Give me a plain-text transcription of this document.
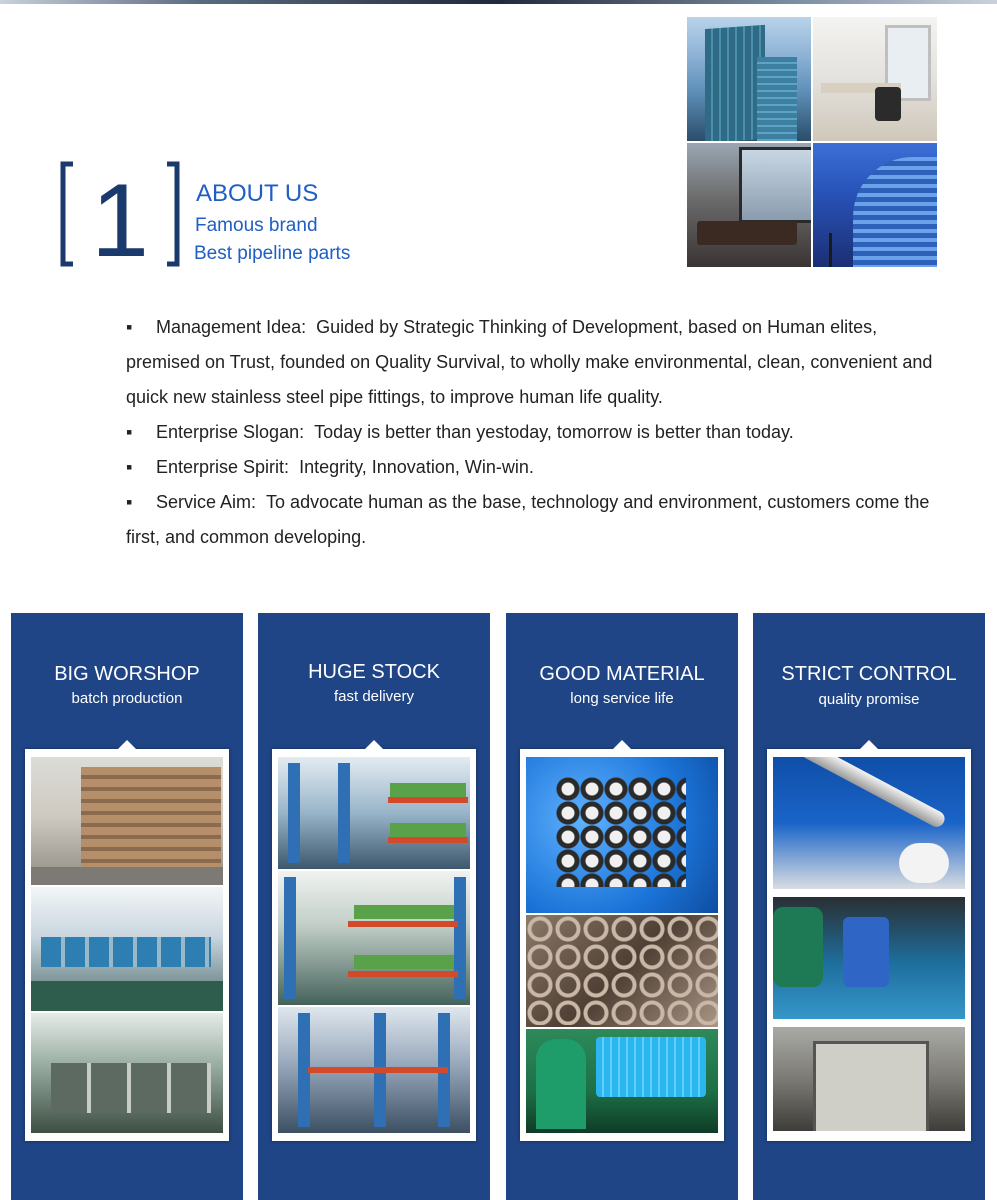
1 ABOUT US
Famous brand
Best pipeline parts

▪ Management Idea: Guided by Strategic Thinking of Development, based on Human elites, premised on Trust, founded on Quality Survival, to wholly make environmental, clean, convenient and quick new stainless steel pipe fittings, to improve human life quality.

▪ Enterprise Slogan: Today is better than yestoday, tomorrow is better than today.

▪ Enterprise Spirit: Integrity, Innovation, Win-win.

▪ Service Aim: To advocate human as the base, technology and environment, customers come the first, and common developing.

BIG WORSHOP
batch production
HUGE STOCK
fast delivery
GOOD MATERIAL
long service life
STRICT CONTROL
quality promise
